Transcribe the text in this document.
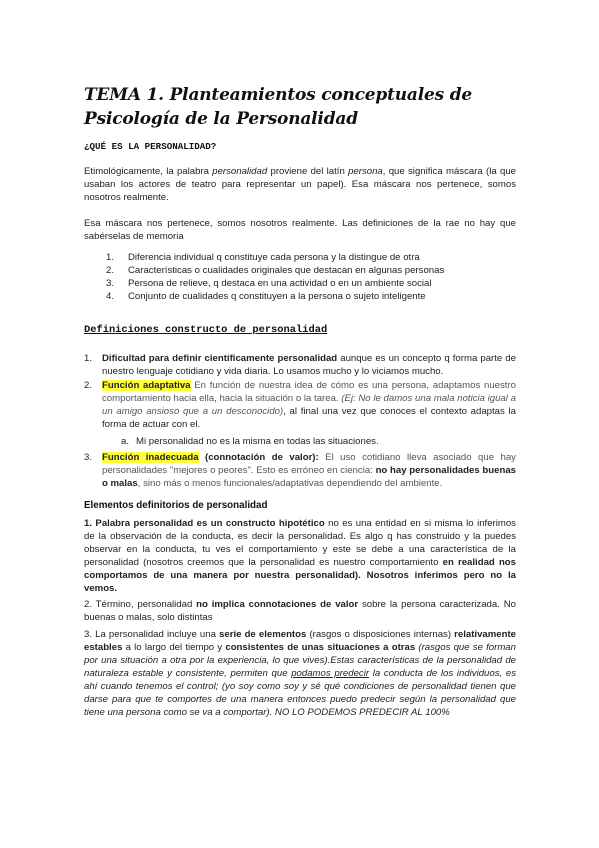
TEMA 1. Planteamientos conceptuales de Psicología de la Personalidad
¿QUÉ ES LA PERSONALIDAD?
Etimológicamente, la palabra personalidad proviene del latín persona, que significa máscara (la que usaban los actores de teatro para representar un papel). Esa máscara nos pertenece, somos nosotros realmente.
Esa máscara nos pertenece, somos nosotros realmente. Las definiciones de la rae no hay que sabérselas de memoria
1. Diferencia individual q constituye cada persona y la distingue de otra
2. Características o cualidades originales que destacan en algunas personas
3. Persona de relieve, q destaca en una actividad o en un ambiente social
4. Conjunto de cualidades q constituyen a la persona o sujeto inteligente
Definiciones constructo de personalidad
1. Dificultad para definir científicamente personalidad aunque es un concepto q forma parte de nuestro lenguaje cotidiano y vida diaria. Lo usamos mucho y lo viciamos mucho.
2. Función adaptativa En función de nuestra idea de cómo es una persona, adaptamos nuestro comportamiento hacia ella, hacia la situación o la tarea. (Ej: No le damos una mala noticia igual a un amigo ansioso que a un desconocido), al final una vez que conoces el contexto adaptas la forma de actuar con el.
a. Mi personalidad no es la misma en todas las situaciones.
3. Función inadecuada (connotación de valor): El uso cotidiano lleva asociado que hay personalidades "mejores o peores". Esto es erróneo en ciencia: no hay personalidades buenas o malas, sino más o menos funcionales/adaptativas dependiendo del ambiente.
Elementos definitorios de personalidad
1. Palabra personalidad es un constructo hipotético no es una entidad en si misma lo inferimos de la observación de la conducta, es decir la personalidad. Es algo q has construido y la puedes observar en la conducta, tu ves el comportamiento y este se debe a una característica de la personalidad (nosotros creemos que la personalidad es nuestro comportamiento en realidad nos comportamos de una manera por nuestra personalidad). Nosotros inferimos pero no la vemos.
2. Término, personalidad no implica connotaciones de valor sobre la persona caracterizada. No buenas o malas, solo distintas
3. La personalidad incluye una serie de elementos (rasgos o disposiciones internas) relativamente estables a lo largo del tiempo y consistentes de unas situaciones a otras (rasgos que se forman por una situación a otra por la experiencia, lo que vives).Estas características de la personalidad de naturaleza estable y consistente, permiten que podamos predecir la conducta de los individuos, es ahí cuando tenemos el control; (yo soy como soy y sé qué condiciones de personalidad tienen que darse para que te comportes de una manera entonces puedo predecir según la personalidad que tiene una persona como se va a comportar). NO LO PODEMOS PREDECIR AL 100%
